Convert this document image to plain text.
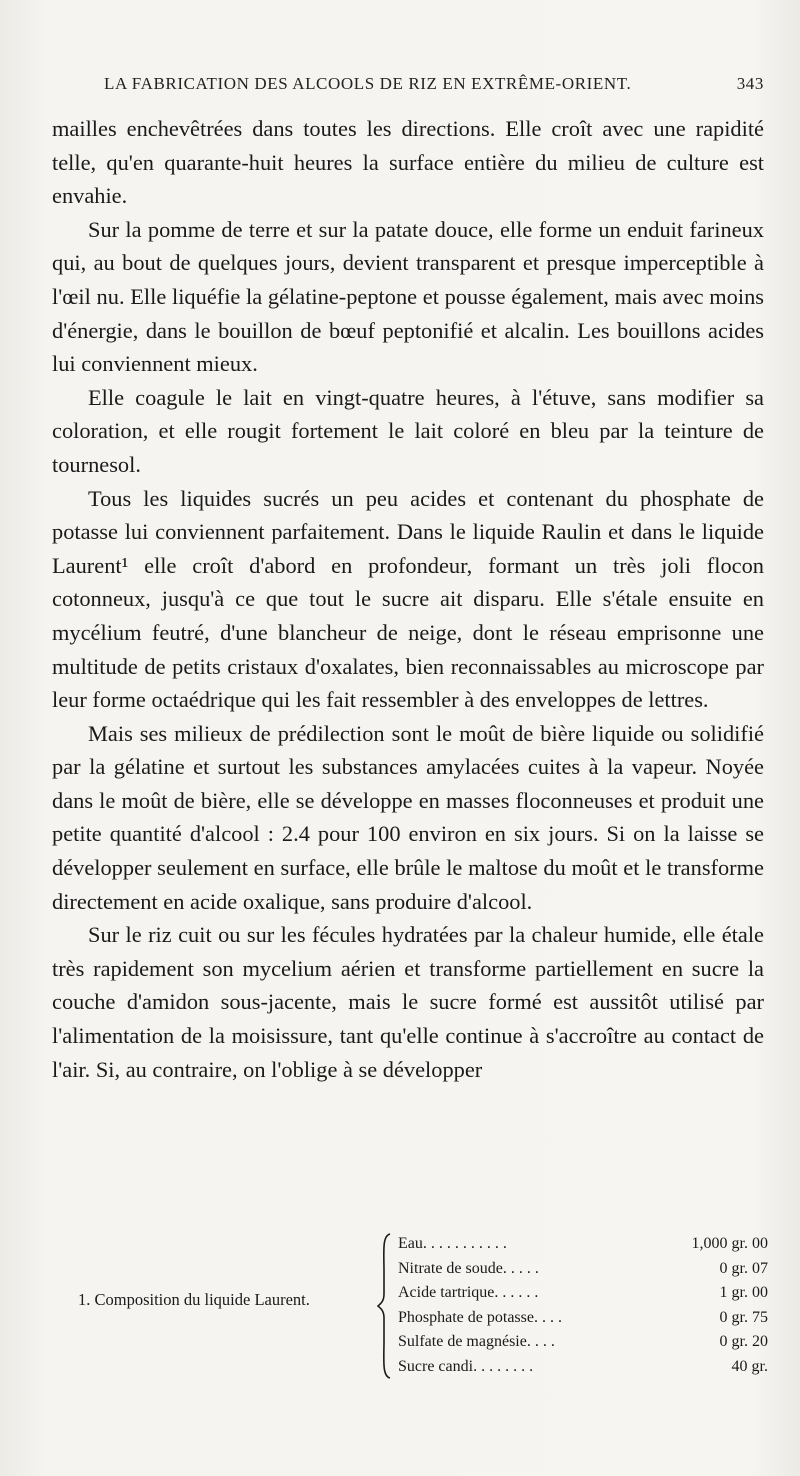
LA FABRICATION DES ALCOOLS DE RIZ EN EXTRÊME-ORIENT.	343

mailles enchevêtrées dans toutes les directions. Elle croît avec une rapidité telle, qu'en quarante-huit heures la surface entière du milieu de culture est envahie.

Sur la pomme de terre et sur la patate douce, elle forme un enduit farineux qui, au bout de quelques jours, devient transparent et presque imperceptible à l'œil nu. Elle liquéfie la gélatine-peptone et pousse également, mais avec moins d'énergie, dans le bouillon de bœuf peptonifié et alcalin. Les bouillons acides lui conviennent mieux.

Elle coagule le lait en vingt-quatre heures, à l'étuve, sans modifier sa coloration, et elle rougit fortement le lait coloré en bleu par la teinture de tournesol.

Tous les liquides sucrés un peu acides et contenant du phosphate de potasse lui conviennent parfaitement. Dans le liquide Raulin et dans le liquide Laurent¹ elle croît d'abord en profondeur, formant un très joli flocon cotonneux, jusqu'à ce que tout le sucre ait disparu. Elle s'étale ensuite en mycélium feutré, d'une blancheur de neige, dont le réseau emprisonne une multitude de petits cristaux d'oxalates, bien reconnaissables au microscope par leur forme octaédrique qui les fait ressembler à des enveloppes de lettres.

Mais ses milieux de prédilection sont le moût de bière liquide ou solidifié par la gélatine et surtout les substances amylacées cuites à la vapeur. Noyée dans le moût de bière, elle se développe en masses floconneuses et produit une petite quantité d'alcool : 2.4 pour 100 environ en six jours. Si on la laisse se développer seulement en surface, elle brûle le maltose du moût et le transforme directement en acide oxalique, sans produire d'alcool.

Sur le riz cuit ou sur les fécules hydratées par la chaleur humide, elle étale très rapidement son mycelium aérien et transforme partiellement en sucre la couche d'amidon sous-jacente, mais le sucre formé est aussitôt utilisé par l'alimentation de la moisissure, tant qu'elle continue à s'accroître au contact de l'air. Si, au contraire, on l'oblige à se développer

1. Composition du liquide Laurent.
Eau . . . . . . . . . . .	1,000 gr. 00
Nitrate de soude . . . . .	0 gr. 07
Acide tartrique . . . . . .	1 gr. 00
Phosphate de potasse . . . .	0 gr. 75
Sulfate de magnésie . . . .	0 gr. 20
Sucre candi . . . . . . . .	40 gr.
